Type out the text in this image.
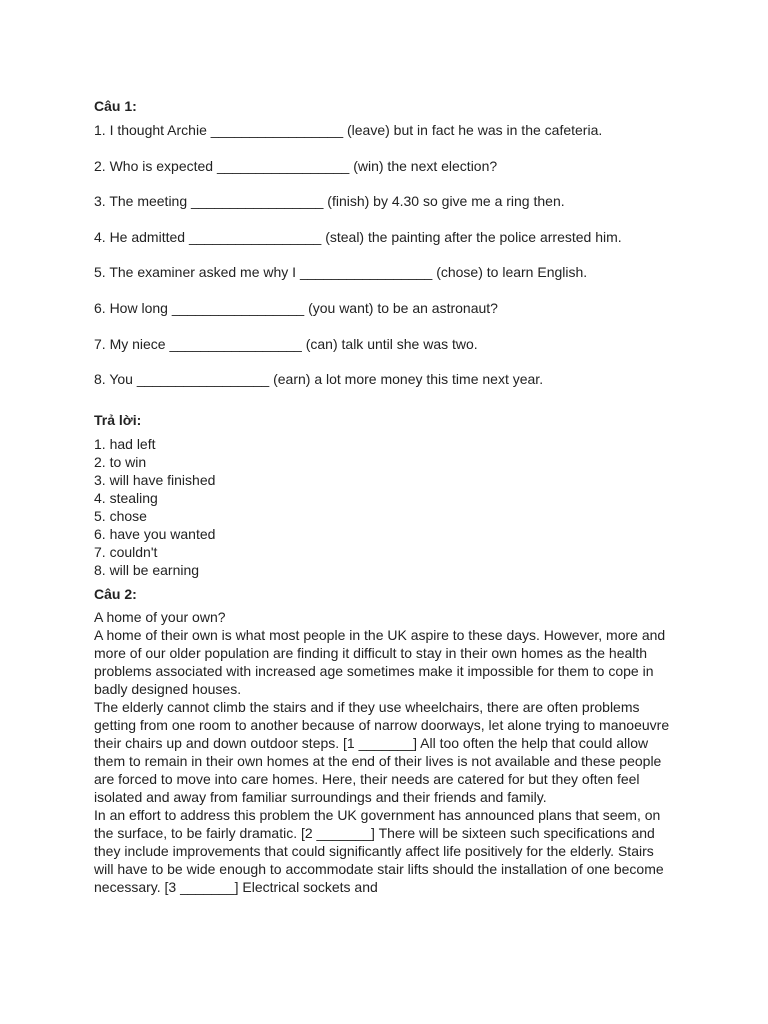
Câu 1:
1. I thought Archie _________________ (leave) but in fact he was in the cafeteria.
2. Who is expected _________________ (win) the next election?
3. The meeting _________________ (finish) by 4.30 so give me a ring then.
4. He admitted _________________ (steal) the painting after the police arrested him.
5. The examiner asked me why I _________________ (chose) to learn English.
6. How long _________________ (you want) to be an astronaut?
7. My niece _________________ (can) talk until she was two.
8. You _________________ (earn) a lot more money this time next year.
Trả lời:
1. had left
2. to win
3. will have finished
4. stealing
5. chose
6. have you wanted
7. couldn't
8. will be earning
Câu 2:

A home of your own?

A home of their own is what most people in the UK aspire to these days. However, more and more of our older population are finding it difficult to stay in their own homes as the health problems associated with increased age sometimes make it impossible for them to cope in badly designed houses.

The elderly cannot climb the stairs and if they use wheelchairs, there are often problems getting from one room to another because of narrow doorways, let alone trying to manoeuvre their chairs up and down outdoor steps. [1 _______] All too often the help that could allow them to remain in their own homes at the end of their lives is not available and these people are forced to move into care homes. Here, their needs are catered for but they often feel isolated and away from familiar surroundings and their friends and family.

In an effort to address this problem the UK government has announced plans that seem, on the surface, to be fairly dramatic. [2 _______] There will be sixteen such specifications and they include improvements that could significantly affect life positively for the elderly. Stairs will have to be wide enough to accommodate stair lifts should the installation of one become necessary. [3 _______] Electrical sockets and
